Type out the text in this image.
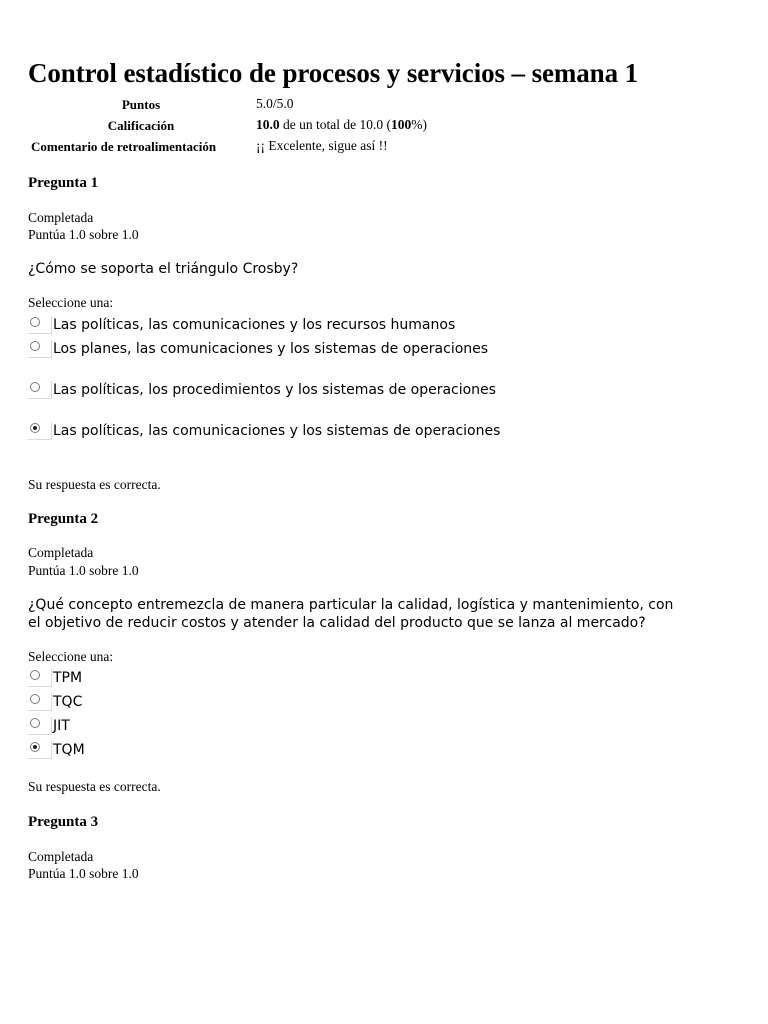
Control estadístico de procesos y servicios – semana 1
Puntos	5.0/5.0
Calificación	10.0 de un total de 10.0 (100%)
Comentario de retroalimentación	¡¡ Excelente, sigue así !!
Pregunta 1
Completada
Puntúa 1.0 sobre 1.0
¿Cómo se soporta el triángulo Crosby?
Seleccione una:
Las políticas, las comunicaciones y los recursos humanos
Los planes, las comunicaciones y los sistemas de operaciones
Las políticas, los procedimientos y los sistemas de operaciones
Las políticas, las comunicaciones y los sistemas de operaciones
Su respuesta es correcta.
Pregunta 2
Completada
Puntúa 1.0 sobre 1.0
¿Qué concepto entremezcla de manera particular la calidad, logística y mantenimiento, con
el objetivo de reducir costos y atender la calidad del producto que se lanza al mercado?
Seleccione una:
TPM
TQC
JIT
TQM
Su respuesta es correcta.
Pregunta 3
Completada
Puntúa 1.0 sobre 1.0
